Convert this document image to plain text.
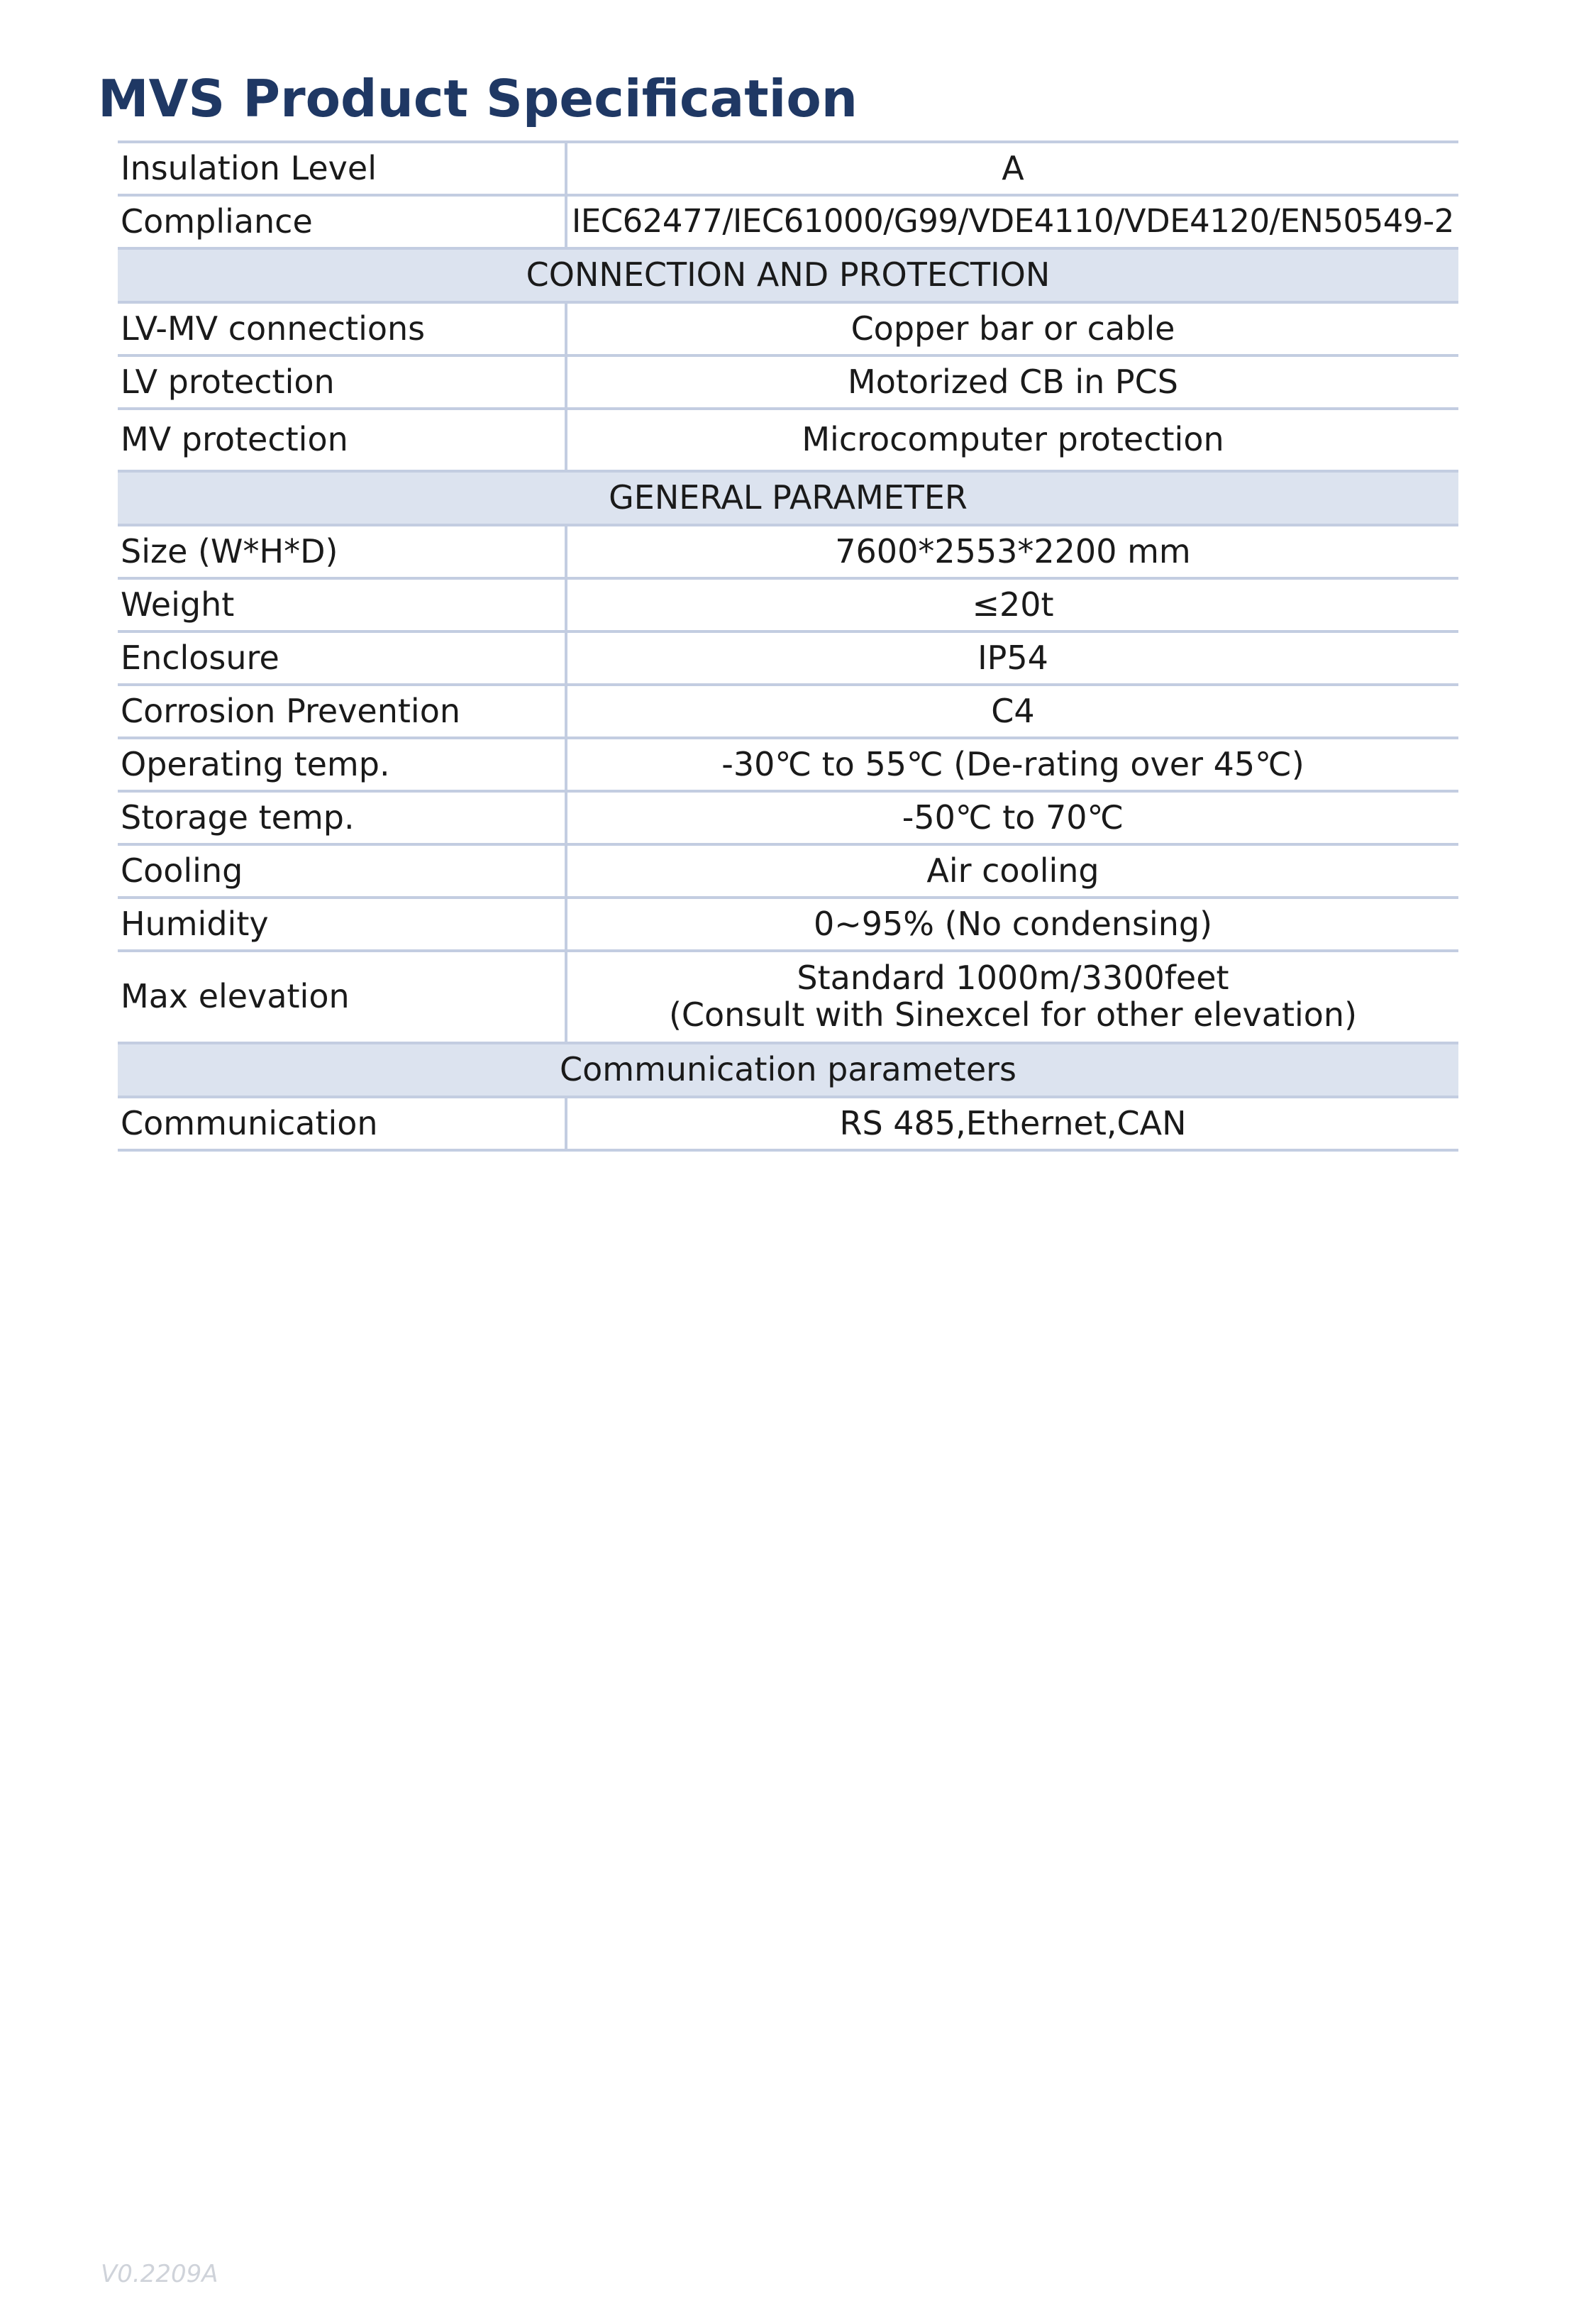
MVS Product Specification
Insulation Level	A
Compliance	IEC62477/IEC61000/G99/VDE4110/VDE4120/EN50549-2
CONNECTION AND PROTECTION	
LV-MV connections	Copper bar or cable
LV protection	Motorized CB in PCS
MV protection	Microcomputer protection
GENERAL PARAMETER	
Size (W*H*D)	7600*2553*2200 mm
Weight	≤20t
Enclosure	IP54
Corrosion Prevention	C4
Operating temp.	-30℃ to 55℃ (De-rating over 45℃)
Storage temp.	-50℃ to 70℃
Cooling	Air cooling
Humidity	0~95% (No condensing)
Max elevation	Standard 1000m/3300feet
(Consult with Sinexcel for other elevation)

Communication parameters	
Communication	RS 485,Ethernet,CAN
V0.2209A
